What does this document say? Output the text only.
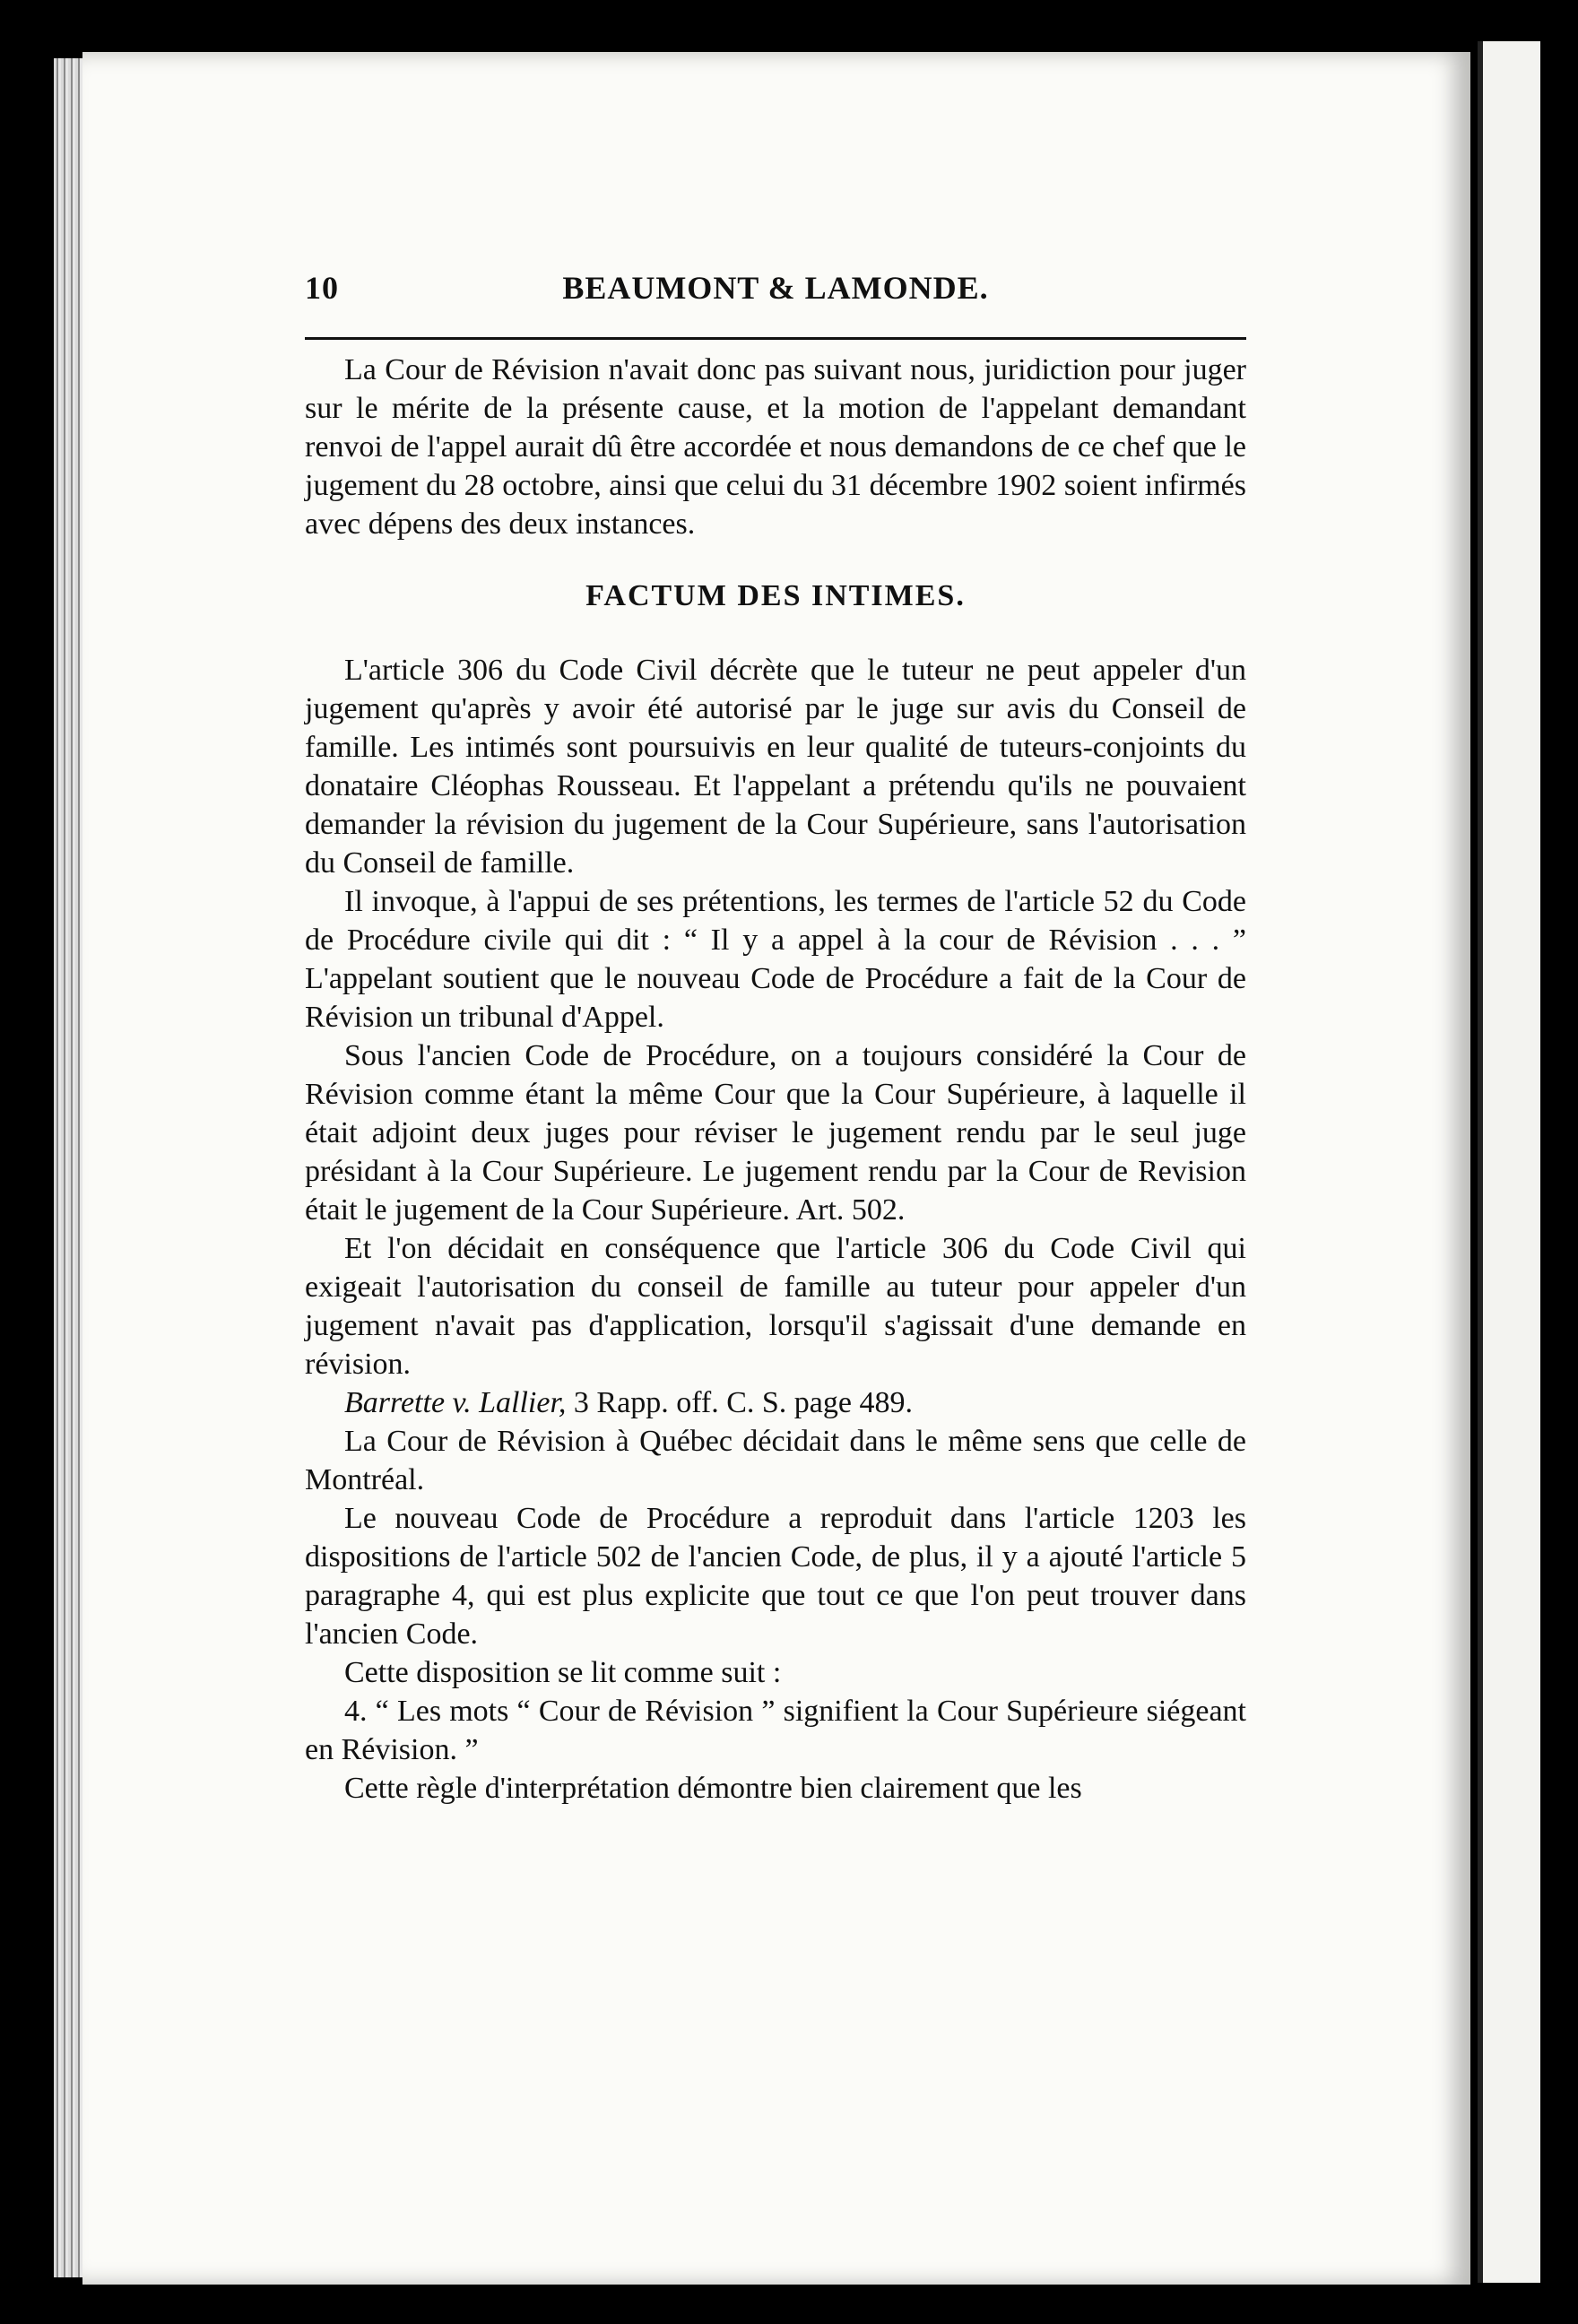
10	BEAUMONT & LAMONDE.

La Cour de Révision n'avait donc pas suivant nous, juridiction pour juger sur le mérite de la présente cause, et la motion de l'appelant demandant renvoi de l'appel aurait dû être accordée et nous demandons de ce chef que le jugement du 28 octobre, ainsi que celui du 31 décembre 1902 soient infirmés avec dépens des deux instances.

FACTUM DES INTIMES.

L'article 306 du Code Civil décrète que le tuteur ne peut appeler d'un jugement qu'après y avoir été autorisé par le juge sur avis du Conseil de famille. Les intimés sont poursuivis en leur qualité de tuteurs-conjoints du donataire Cléophas Rousseau. Et l'appelant a prétendu qu'ils ne pouvaient demander la révision du jugement de la Cour Supérieure, sans l'autorisation du Conseil de famille.

Il invoque, à l'appui de ses prétentions, les termes de l'article 52 du Code de Procédure civile qui dit : “ Il y a appel à la cour de Révision . . . ” L'appelant soutient que le nouveau Code de Procédure a fait de la Cour de Révision un tribunal d'Appel.

Sous l'ancien Code de Procédure, on a toujours considéré la Cour de Révision comme étant la même Cour que la Cour Supérieure, à laquelle il était adjoint deux juges pour réviser le jugement rendu par le seul juge présidant à la Cour Supérieure. Le jugement rendu par la Cour de Revision était le jugement de la Cour Supérieure. Art. 502.

Et l'on décidait en conséquence que l'article 306 du Code Civil qui exigeait l'autorisation du conseil de famille au tuteur pour appeler d'un jugement n'avait pas d'application, lorsqu'il s'agissait d'une demande en révision.

Barrette v. Lallier, 3 Rapp. off. C. S. page 489.

La Cour de Révision à Québec décidait dans le même sens que celle de Montréal.

Le nouveau Code de Procédure a reproduit dans l'article 1203 les dispositions de l'article 502 de l'ancien Code, de plus, il y a ajouté l'article 5 paragraphe 4, qui est plus explicite que tout ce que l'on peut trouver dans l'ancien Code.

Cette disposition se lit comme suit :

4. “ Les mots “ Cour de Révision ” signifient la Cour Supérieure siégeant en Révision. ”

Cette règle d'interprétation démontre bien clairement que les
